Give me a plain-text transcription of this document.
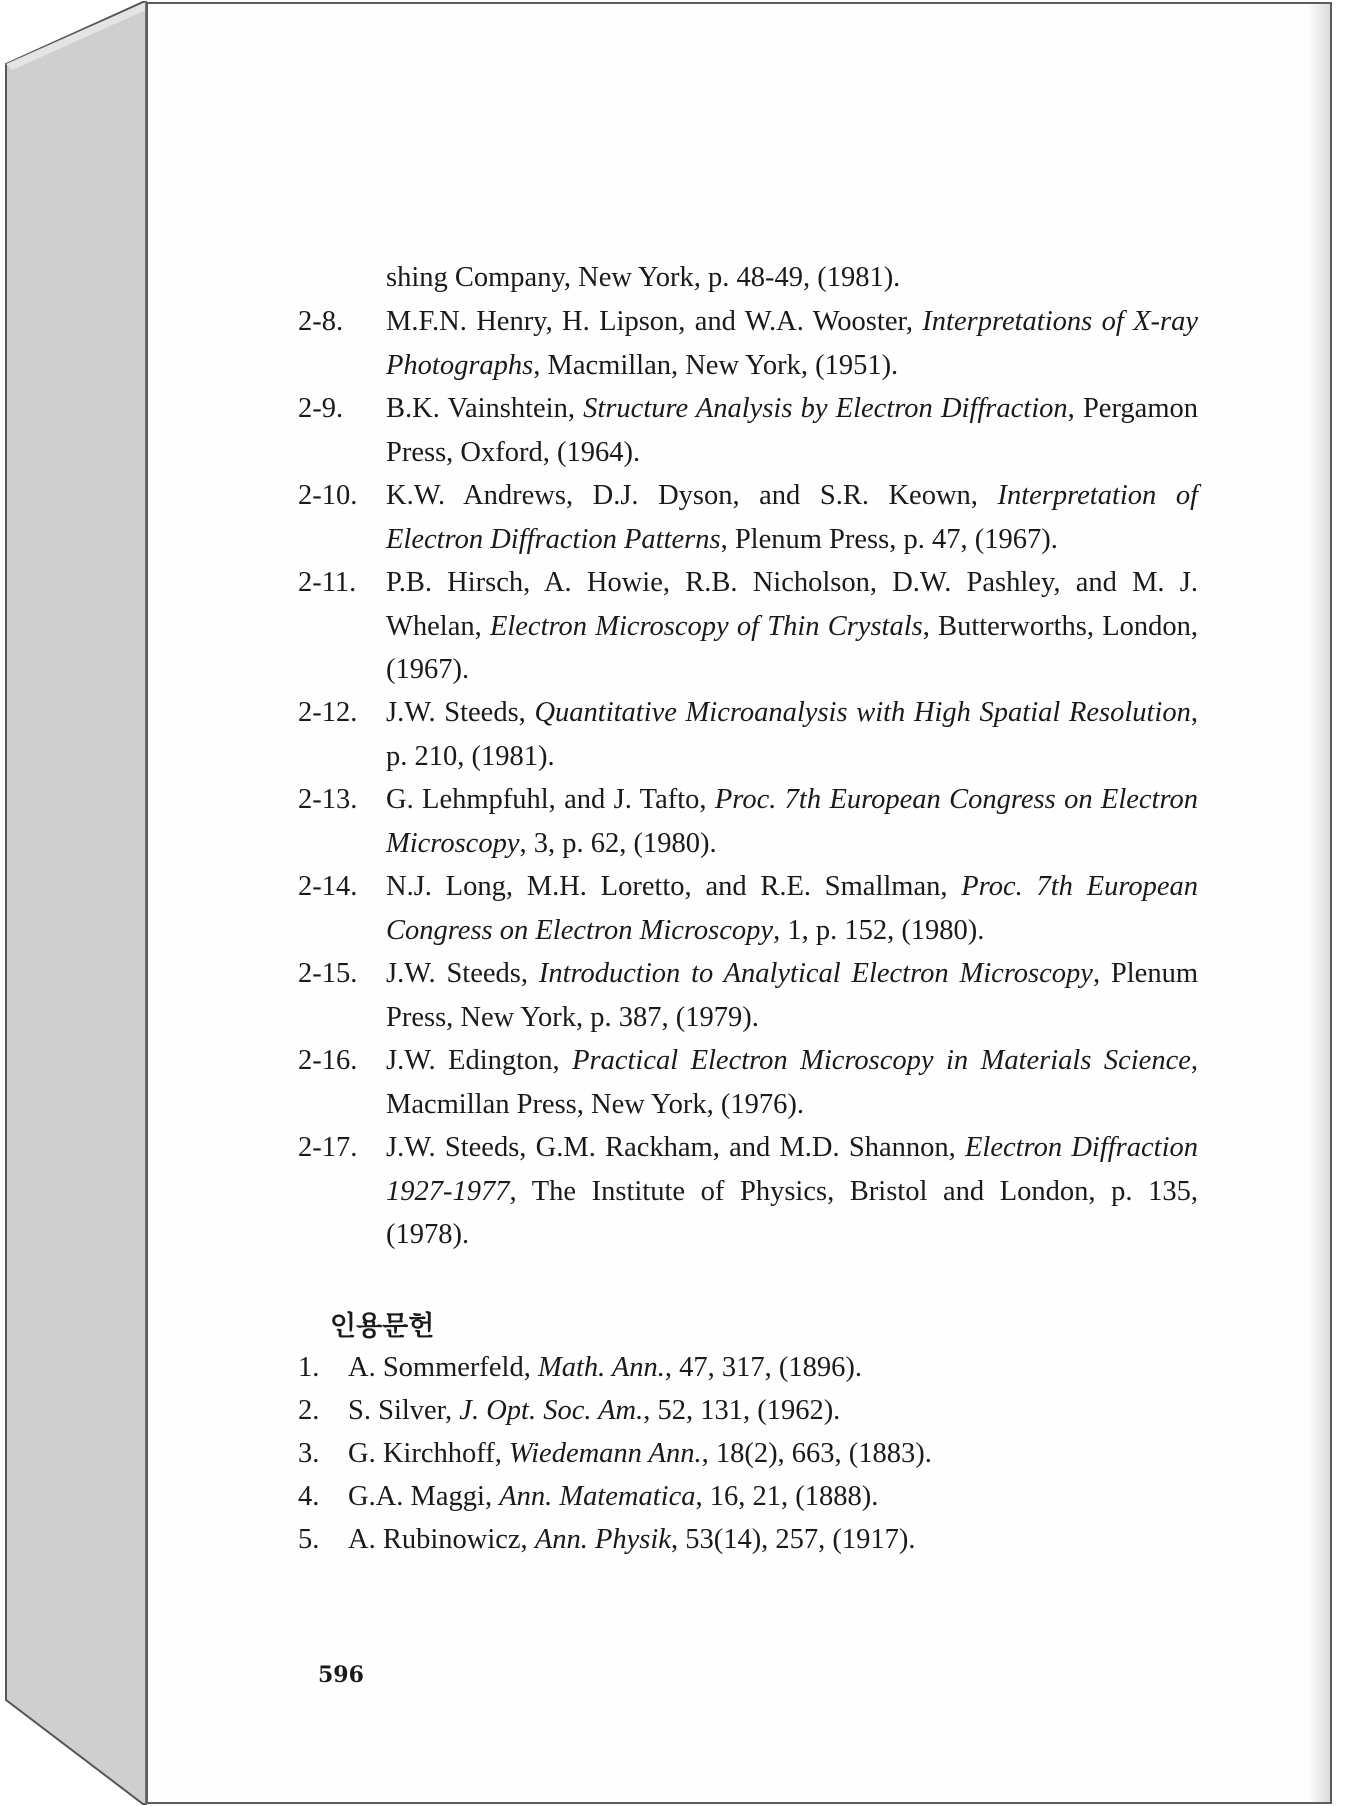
shing Company, New York, p. 48-49, (1981).
2-8.	M.F.N. Henry, H. Lipson, and W.A. Wooster, Interpretations of X-ray Photographs, Macmillan, New York, (1951).
2-9.	B.K. Vainshtein, Structure Analysis by Electron Diffraction, Pergamon Press, Oxford, (1964).
2-10.	K.W. Andrews, D.J. Dyson, and S.R. Keown, Interpretation of Electron Diffraction Patterns, Plenum Press, p. 47, (1967).
2-11.	P.B. Hirsch, A. Howie, R.B. Nicholson, D.W. Pashley, and M. J. Whelan, Electron Microscopy of Thin Crystals, Butterworths, London, (1967).
2-12.	J.W. Steeds, Quantitative Microanalysis with High Spatial Resolution, p. 210, (1981).
2-13.	G. Lehmpfuhl, and J. Tafto, Proc. 7th European Congress on Electron Microscopy, 3, p. 62, (1980).
2-14.	N.J. Long, M.H. Loretto, and R.E. Smallman, Proc. 7th European Congress on Electron Microscopy, 1, p. 152, (1980).
2-15.	J.W. Steeds, Introduction to Analytical Electron Microscopy, Plenum Press, New York, p. 387, (1979).
2-16.	J.W. Edington, Practical Electron Microscopy in Materials Science, Macmillan Press, New York, (1976).
2-17.	J.W. Steeds, G.M. Rackham, and M.D. Shannon, Electron Diffraction 1927-1977, The Institute of Physics, Bristol and London, p. 135, (1978).
인용문헌
1.	A. Sommerfeld, Math. Ann., 47, 317, (1896).
2.	S. Silver, J. Opt. Soc. Am., 52, 131, (1962).
3.	G. Kirchhoff, Wiedemann Ann., 18(2), 663, (1883).
4.	G.A. Maggi, Ann. Matematica, 16, 21, (1888).
5.	A. Rubinowicz, Ann. Physik, 53(14), 257, (1917).
596
